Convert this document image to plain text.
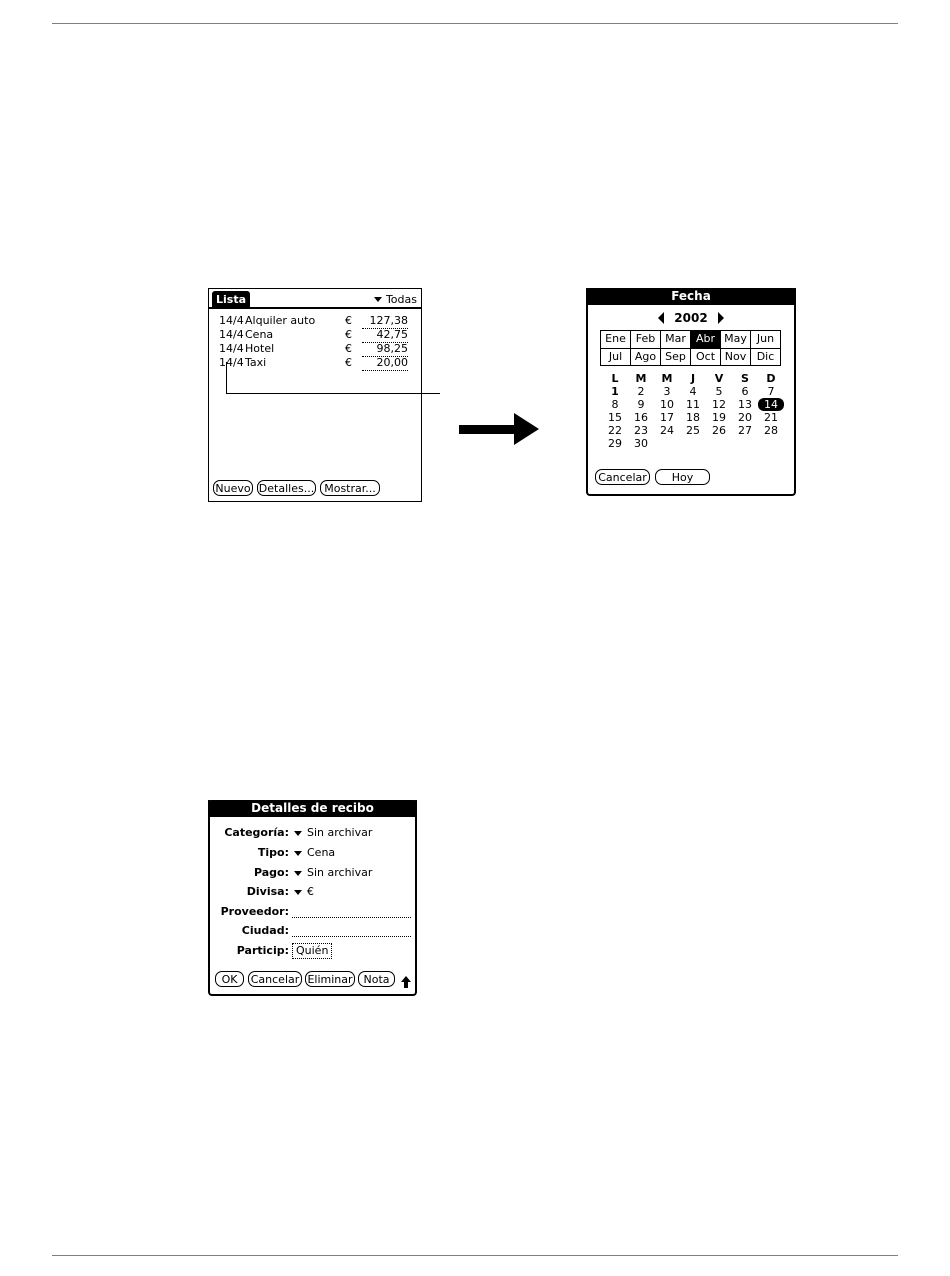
Lista	Todas
14/4 Alquiler auto	€	127,38
14/4 Cena	€	42,75
14/4 Hotel	€	98,25
14/4 Taxi	€	20,00
Nuevo Detalles... Mostrar...
Fecha
2002
Ene Feb Mar Abr May Jun
Jul	Ago Sep Oct Nov Dic
L	M	M	J	V	S	D
1	2	3	4	5	6	7
8	9	10	11	12	13	14
15	16	17	18	19	20	21
22	23	24	25	26	27	28
29	30
Cancelar	Hoy
Detalles de recibo
Categoría: Sin archivar
Tipo: Cena
Pago: Sin archivar
Divisa: €
Proveedor:
Ciudad:
Particip: Quién
OK	Cancelar Eliminar Nota
